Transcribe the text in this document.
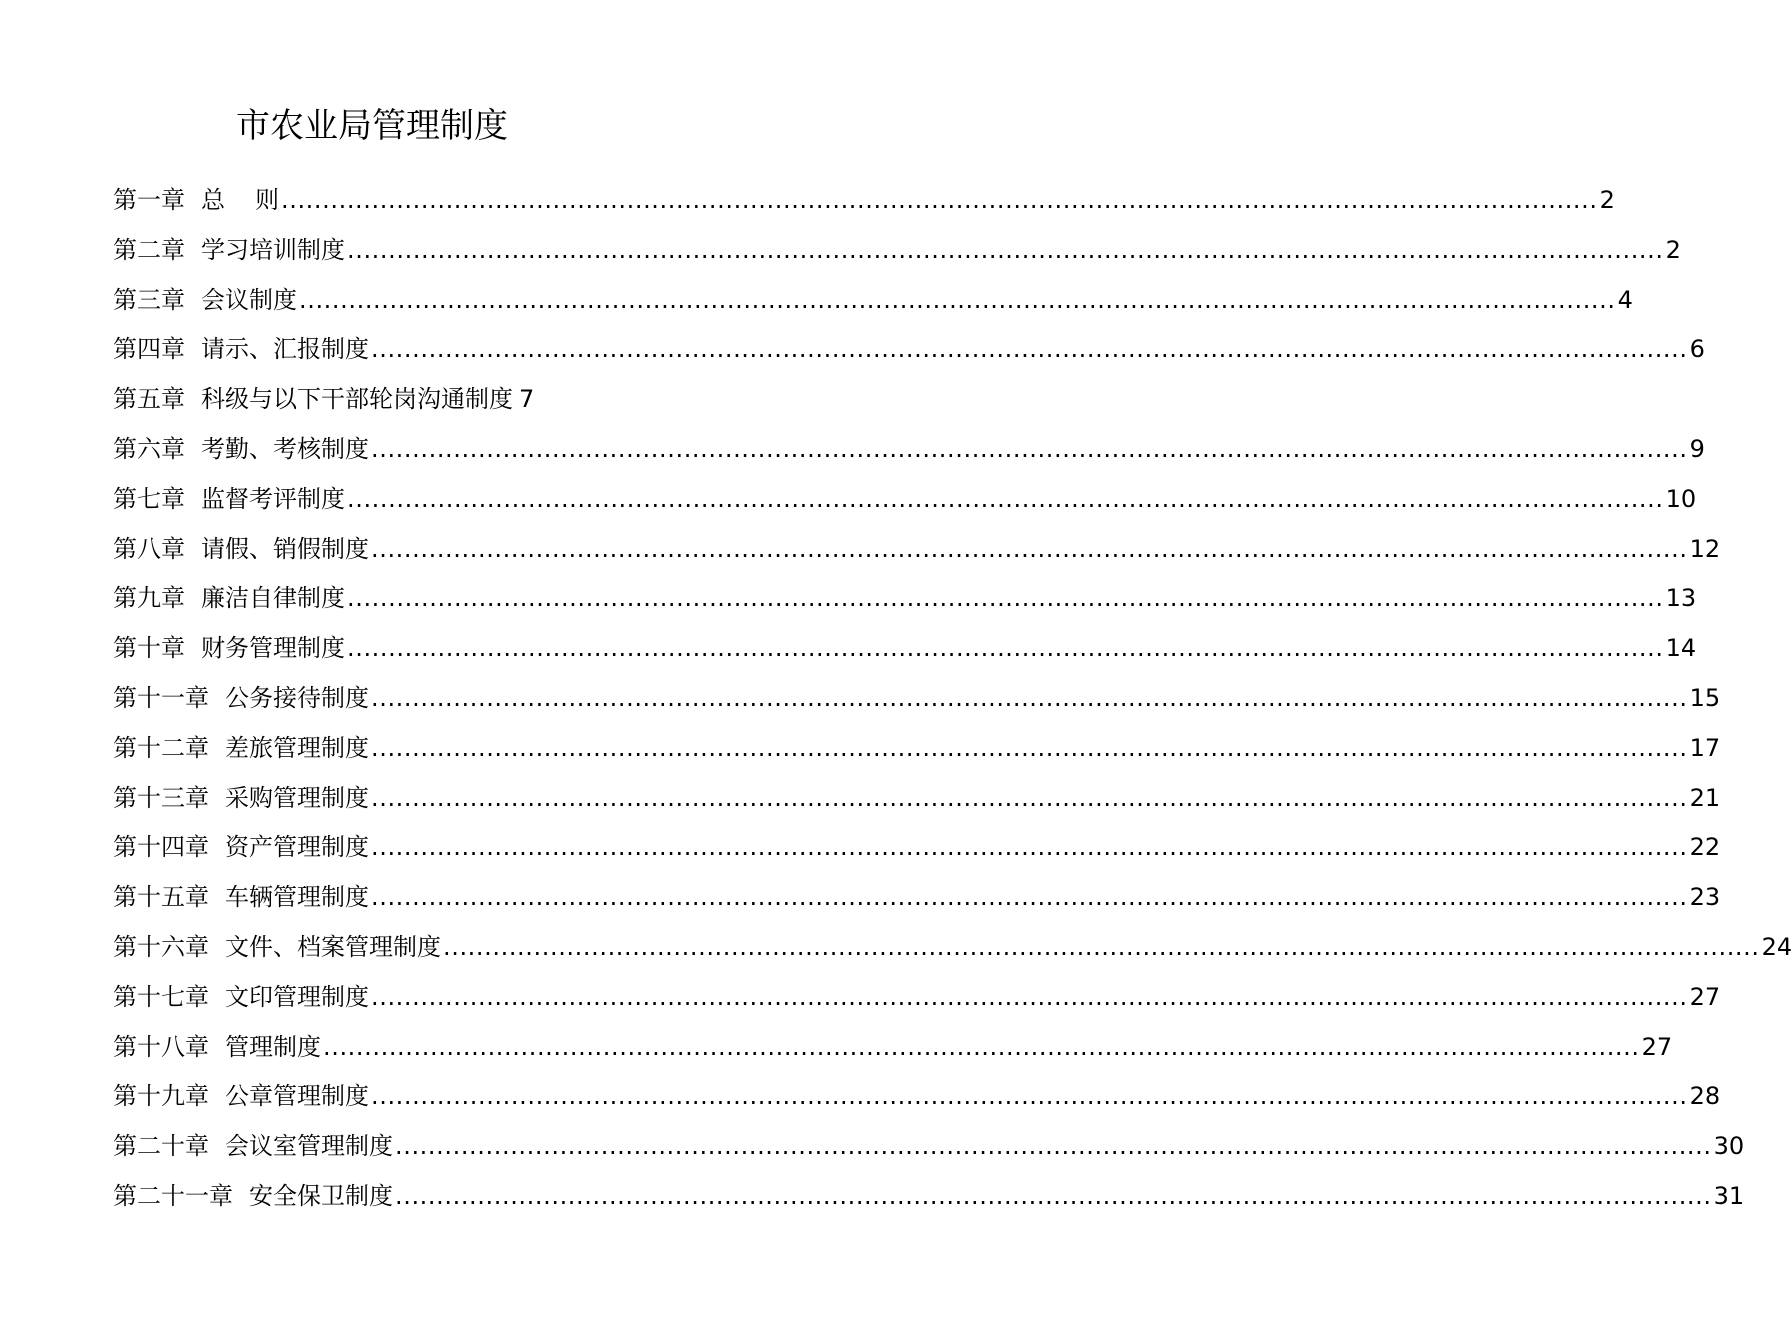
市农业局管理制度
第一章 总 则 ................................................................................................................................................................ 2
第二章 学习培训制度 ................................................................................................................................................................ 2
第三章 会议制度 ................................................................................................................................................................ 4
第四章 请示、汇报制度 ................................................................................................................................................................ 6
第五章 科级与以下干部轮岗沟通制度 7
第六章 考勤、考核制度 ................................................................................................................................................................ 9
第七章 监督考评制度 ................................................................................................................................................................ 10
第八章 请假、销假制度 ................................................................................................................................................................ 12
第九章 廉洁自律制度 ................................................................................................................................................................ 13
第十章 财务管理制度 ................................................................................................................................................................ 14
第十一章 公务接待制度 ................................................................................................................................................................ 15
第十二章 差旅管理制度 ................................................................................................................................................................ 17
第十三章 采购管理制度 ................................................................................................................................................................ 21
第十四章 资产管理制度 ................................................................................................................................................................ 22
第十五章 车辆管理制度 ................................................................................................................................................................ 23
第十六章 文件、档案管理制度 ................................................................................................................................................................ 24
第十七章 文印管理制度 ................................................................................................................................................................ 27
第十八章 管理制度 ................................................................................................................................................................ 27
第十九章 公章管理制度 ................................................................................................................................................................ 28
第二十章 会议室管理制度 ................................................................................................................................................................ 30
第二十一章 安全保卫制度 ................................................................................................................................................................ 31
